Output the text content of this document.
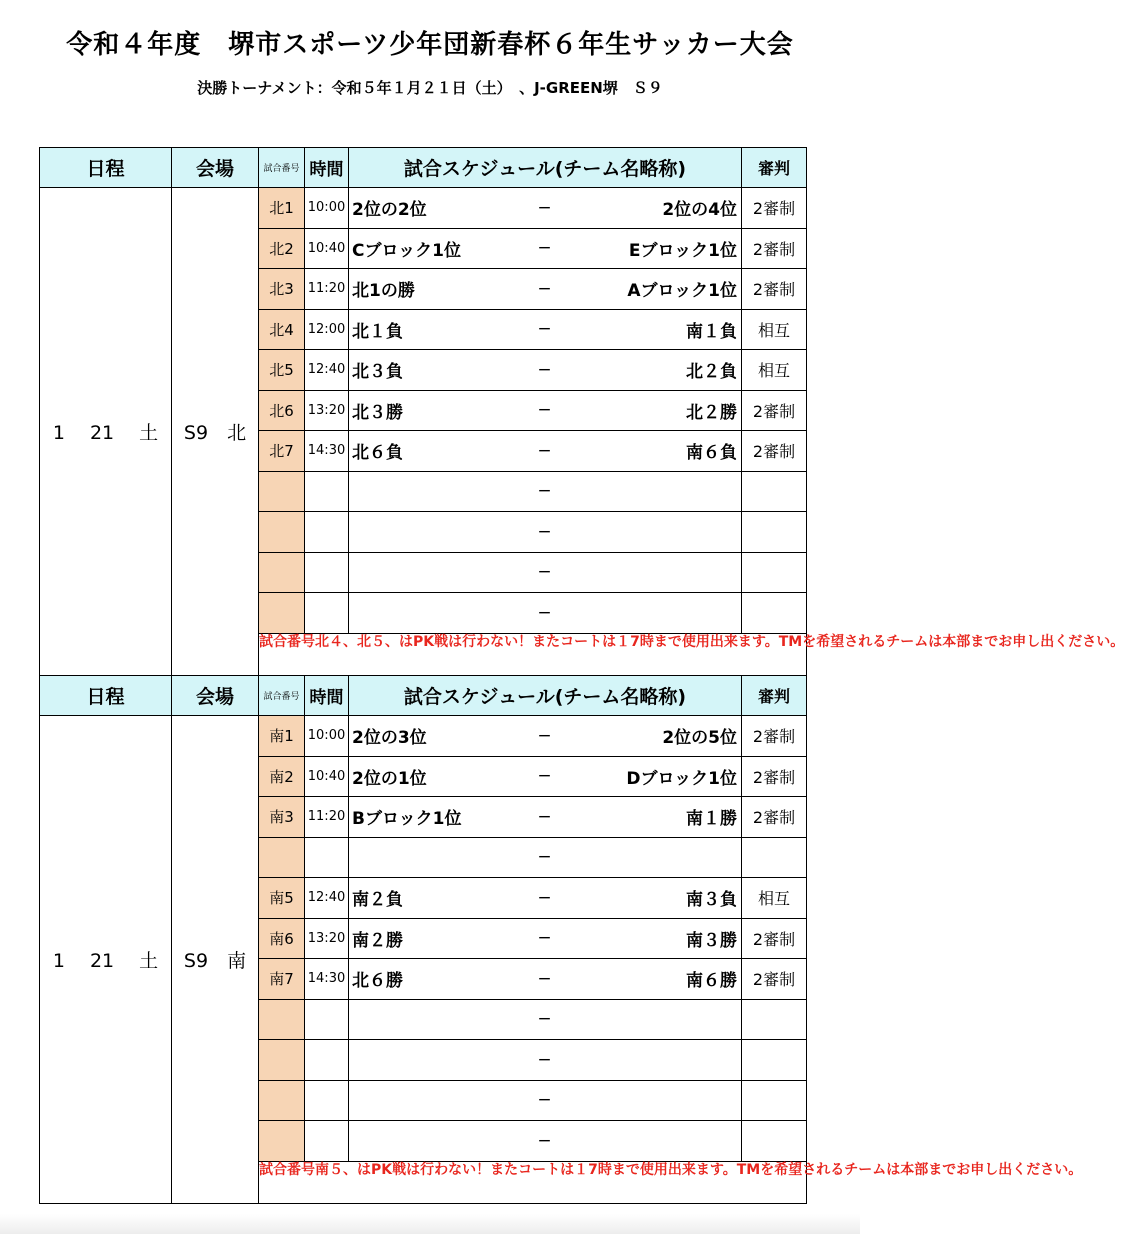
令和４年度　堺市スポーツ少年団新春杯６年生サッカー大会
決勝トーナメント：令和５年１月２１日（土）　、J-GREEN堺　Ｓ９
日程	会場	試合番号	時間	試合スケジュール(チーム名略称)	審判
1　 21 　土	S9　北	北1	10:00	2位の2位 − 2位の4位	2審制
		北2	10:40	Cブロック1位 − Eブロック1位	2審制
		北3	11:20	北1の勝 − Aブロック1位	2審制
		北4	12:00	北１負 − 南１負	相互
		北5	12:40	北３負 − 北２負	相互
		北6	13:20	北３勝 − 北２勝	2審制
		北7	14:30	北６負 − 南６負	2審制

				−	

				−	

				−	

				−	

		試合番号北４、北５、はPK戦は行わない！またコートは１7時まで使用出来ます。TMを希望されるチームは本部までお申し出ください。			
日程	会場	試合番号	時間	試合スケジュール(チーム名略称)	審判
1　 21 　土	S9　南	南1	10:00	2位の3位 − 2位の5位	2審制
		南2	10:40	2位の1位 − Dブロック1位	2審制
		南3	11:20	Bブロック1位 − 南１勝	2審制

				−	

		南5	12:40	南２負 − 南３負	相互
		南6	13:20	南２勝 − 南３勝	2審制
		南7	14:30	北６勝 − 南６勝	2審制

				−	

				−	

				−	

				−	

		試合番号南５、はPK戦は行わない！またコートは１7時まで使用出来ます。TMを希望されるチームは本部までお申し出ください。			
